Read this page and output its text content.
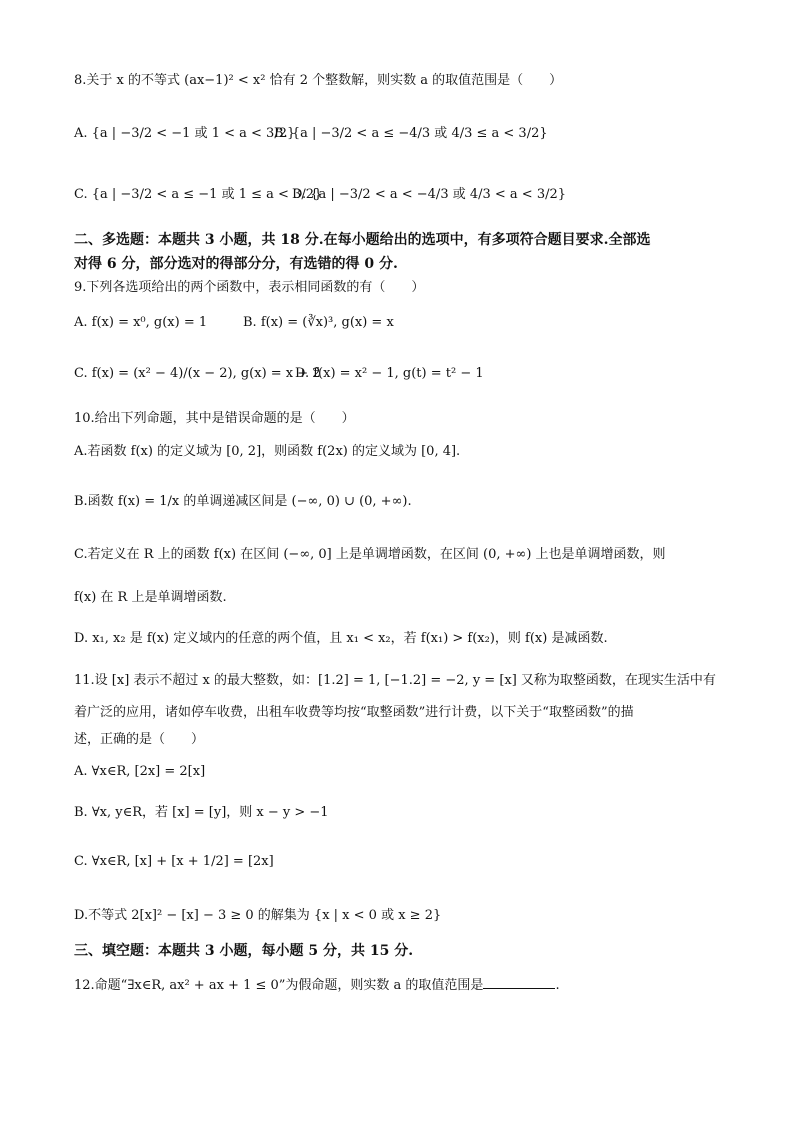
8.关于 x 的不等式 (ax−1)² < x² 恰有 2 个整数解，则实数 a 的取值范围是（　　）
A. {a | −3/2 < −1 或 1 < a < 3/2}
B. {a | −3/2 < a ≤ −4/3 或 4/3 ≤ a < 3/2}
C. {a | −3/2 < a ≤ −1 或 1 ≤ a < 3/2}
D. {a | −3/2 < a < −4/3 或 4/3 < a < 3/2}
二、多选题：本题共 3 小题，共 18 分.在每小题给出的选项中，有多项符合题目要求.全部选
对得 6 分，部分选对的得部分分，有选错的得 0 分.
9.下列各选项给出的两个函数中，表示相同函数的有（　　）
A. f(x) = x⁰, g(x) = 1	B. f(x) = (∛x)³, g(x) = x
C. f(x) = (x² − 4)/(x − 2), g(x) = x + 2
D. f(x) = x² − 1, g(t) = t² − 1
10.给出下列命题，其中是错误命题的是（　　）
A.若函数 f(x) 的定义域为 [0, 2]，则函数 f(2x) 的定义域为 [0, 4].
B.函数 f(x) = 1/x 的单调递减区间是 (−∞, 0) ∪ (0, +∞).
C.若定义在 R 上的函数 f(x) 在区间 (−∞, 0] 上是单调增函数，在区间 (0, +∞) 上也是单调增函数，则
f(x) 在 R 上是单调增函数.
D. x₁, x₂ 是 f(x) 定义域内的任意的两个值，且 x₁ < x₂，若 f(x₁) > f(x₂)，则 f(x) 是减函数.
11.设 [x] 表示不超过 x 的最大整数，如：[1.2] = 1, [−1.2] = −2, y = [x] 又称为取整函数，在现实生活中有
着广泛的应用，诸如停车收费，出租车收费等均按“取整函数”进行计费，以下关于“取整函数”的描
述，正确的是（　　）
A. ∀x∈R, [2x] = 2[x]
B. ∀x, y∈R，若 [x] = [y]，则 x − y > −1
C. ∀x∈R, [x] + [x + 1/2] = [2x]
D.不等式 2[x]² − [x] − 3 ≥ 0 的解集为 {x | x < 0 或 x ≥ 2}
三、填空题：本题共 3 小题，每小题 5 分，共 15 分.
12.命题“∃x∈R, ax² + ax + 1 ≤ 0”为假命题，则实数 a 的取值范围是	.
